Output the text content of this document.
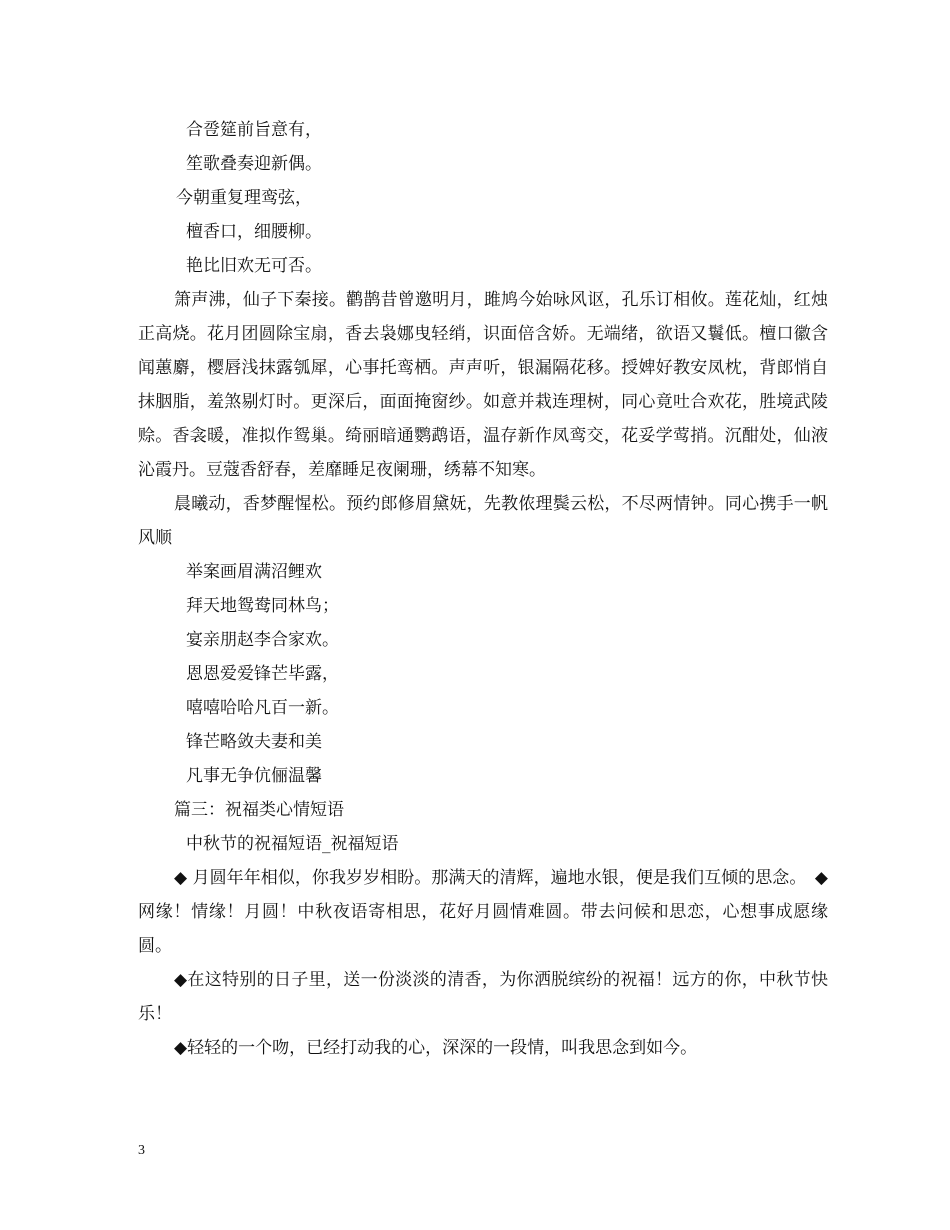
合卺筵前旨意有，
笙歌叠奏迎新偶。
今朝重复理鸾弦，
檀香口，细腰柳。
艳比旧欢无可否。
箫声沸，仙子下秦接。鹳鹊昔曾邀明月，雎鸠今始咏风讴，孔乐订相攸。莲花灿，红烛正高烧。花月团圆除宝扇，香去袅娜曳轻绡，识面倍含娇。无端绪，欲语又鬟低。檀口徽含闻蕙麝，樱唇浅抹露瓠犀，心事托鸾栖。声声听，银漏隔花移。授婢好教安凤枕，背郎悄自抹胭脂，羞煞剔灯时。更深后，面面掩窗纱。如意并栽连理树，同心竟吐合欢花，胜境武陵赊。香衾暖，准拟作鸳巢。绮丽暗通鹦鹉语，温存新作凤鸾交，花妥学莺捎。沉酣处，仙液沁霞丹。豆蔻香舒春，差靡睡足夜阑珊，绣幕不知寒。
晨曦动，香梦醒惺松。预约郎修眉黛妩，先教侬理鬓云松，不尽两情钟。同心携手一帆风顺
举案画眉满沼鲤欢
拜天地鸳鸯同林鸟；
宴亲朋赵李合家欢。
恩恩爱爱锋芒毕露，
嘻嘻哈哈凡百一新。
锋芒略敛夫妻和美
凡事无争伉俪温馨
篇三：祝福类心情短语
中秋节的祝福短语_祝福短语
◆ 月圆年年相似，你我岁岁相盼。那满天的清辉，遍地水银，便是我们互倾的思念。　◆网缘！情缘！月圆！中秋夜语寄相思，花好月圆情难圆。带去问候和思恋，心想事成愿缘圆。
◆在这特别的日子里，送一份淡淡的清香，为你洒脱缤纷的祝福！远方的你，中秋节快乐！
◆轻轻的一个吻，已经打动我的心，深深的一段情，叫我思念到如今。
3
